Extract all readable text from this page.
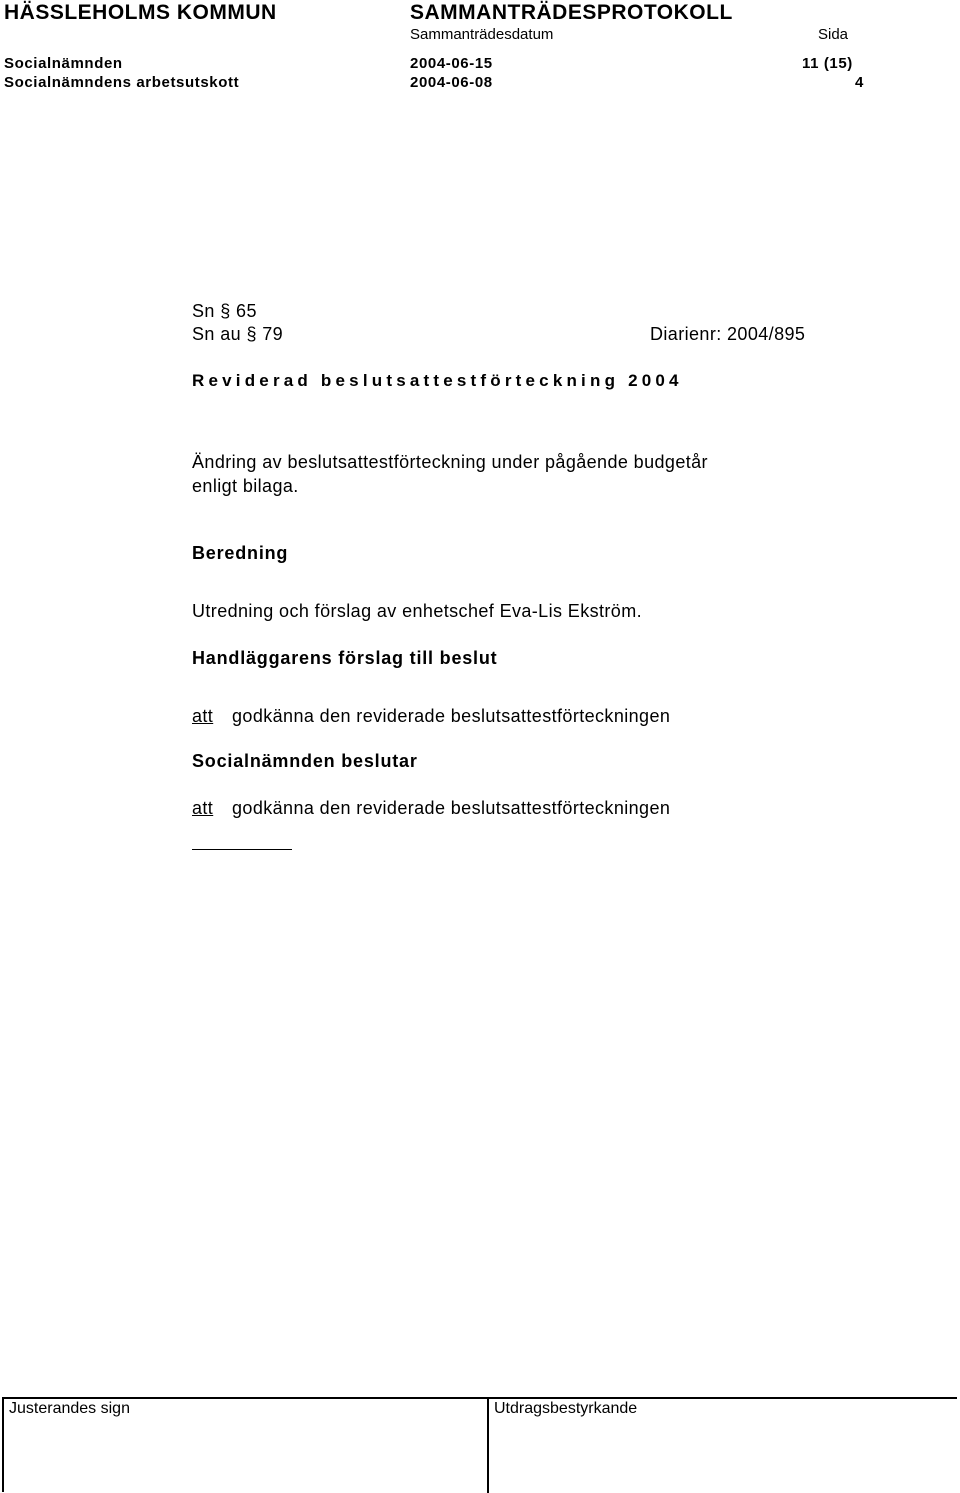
HÄSSLEHOLMS KOMMUN	SAMMANTRÄDESPROTOKOLL
Sammanträdesdatum	Sida
Socialnämnden	2004-06-15	11 (15)
Socialnämndens arbetsutskott	2004-06-08	4
Sn § 65
Sn au § 79	Diarienr: 2004/895
Reviderad beslutsattestförteckning 2004
Ändring av beslutsattestförteckning under pågående budgetår
enligt bilaga.
Beredning
Utredning och förslag av enhetschef Eva-Lis Ekström.
Handläggarens förslag till beslut
att godkänna den reviderade beslutsattestförteckningen
Socialnämnden beslutar
att godkänna den reviderade beslutsattestförteckningen
Justerandes sign	Utdragsbestyrkande
